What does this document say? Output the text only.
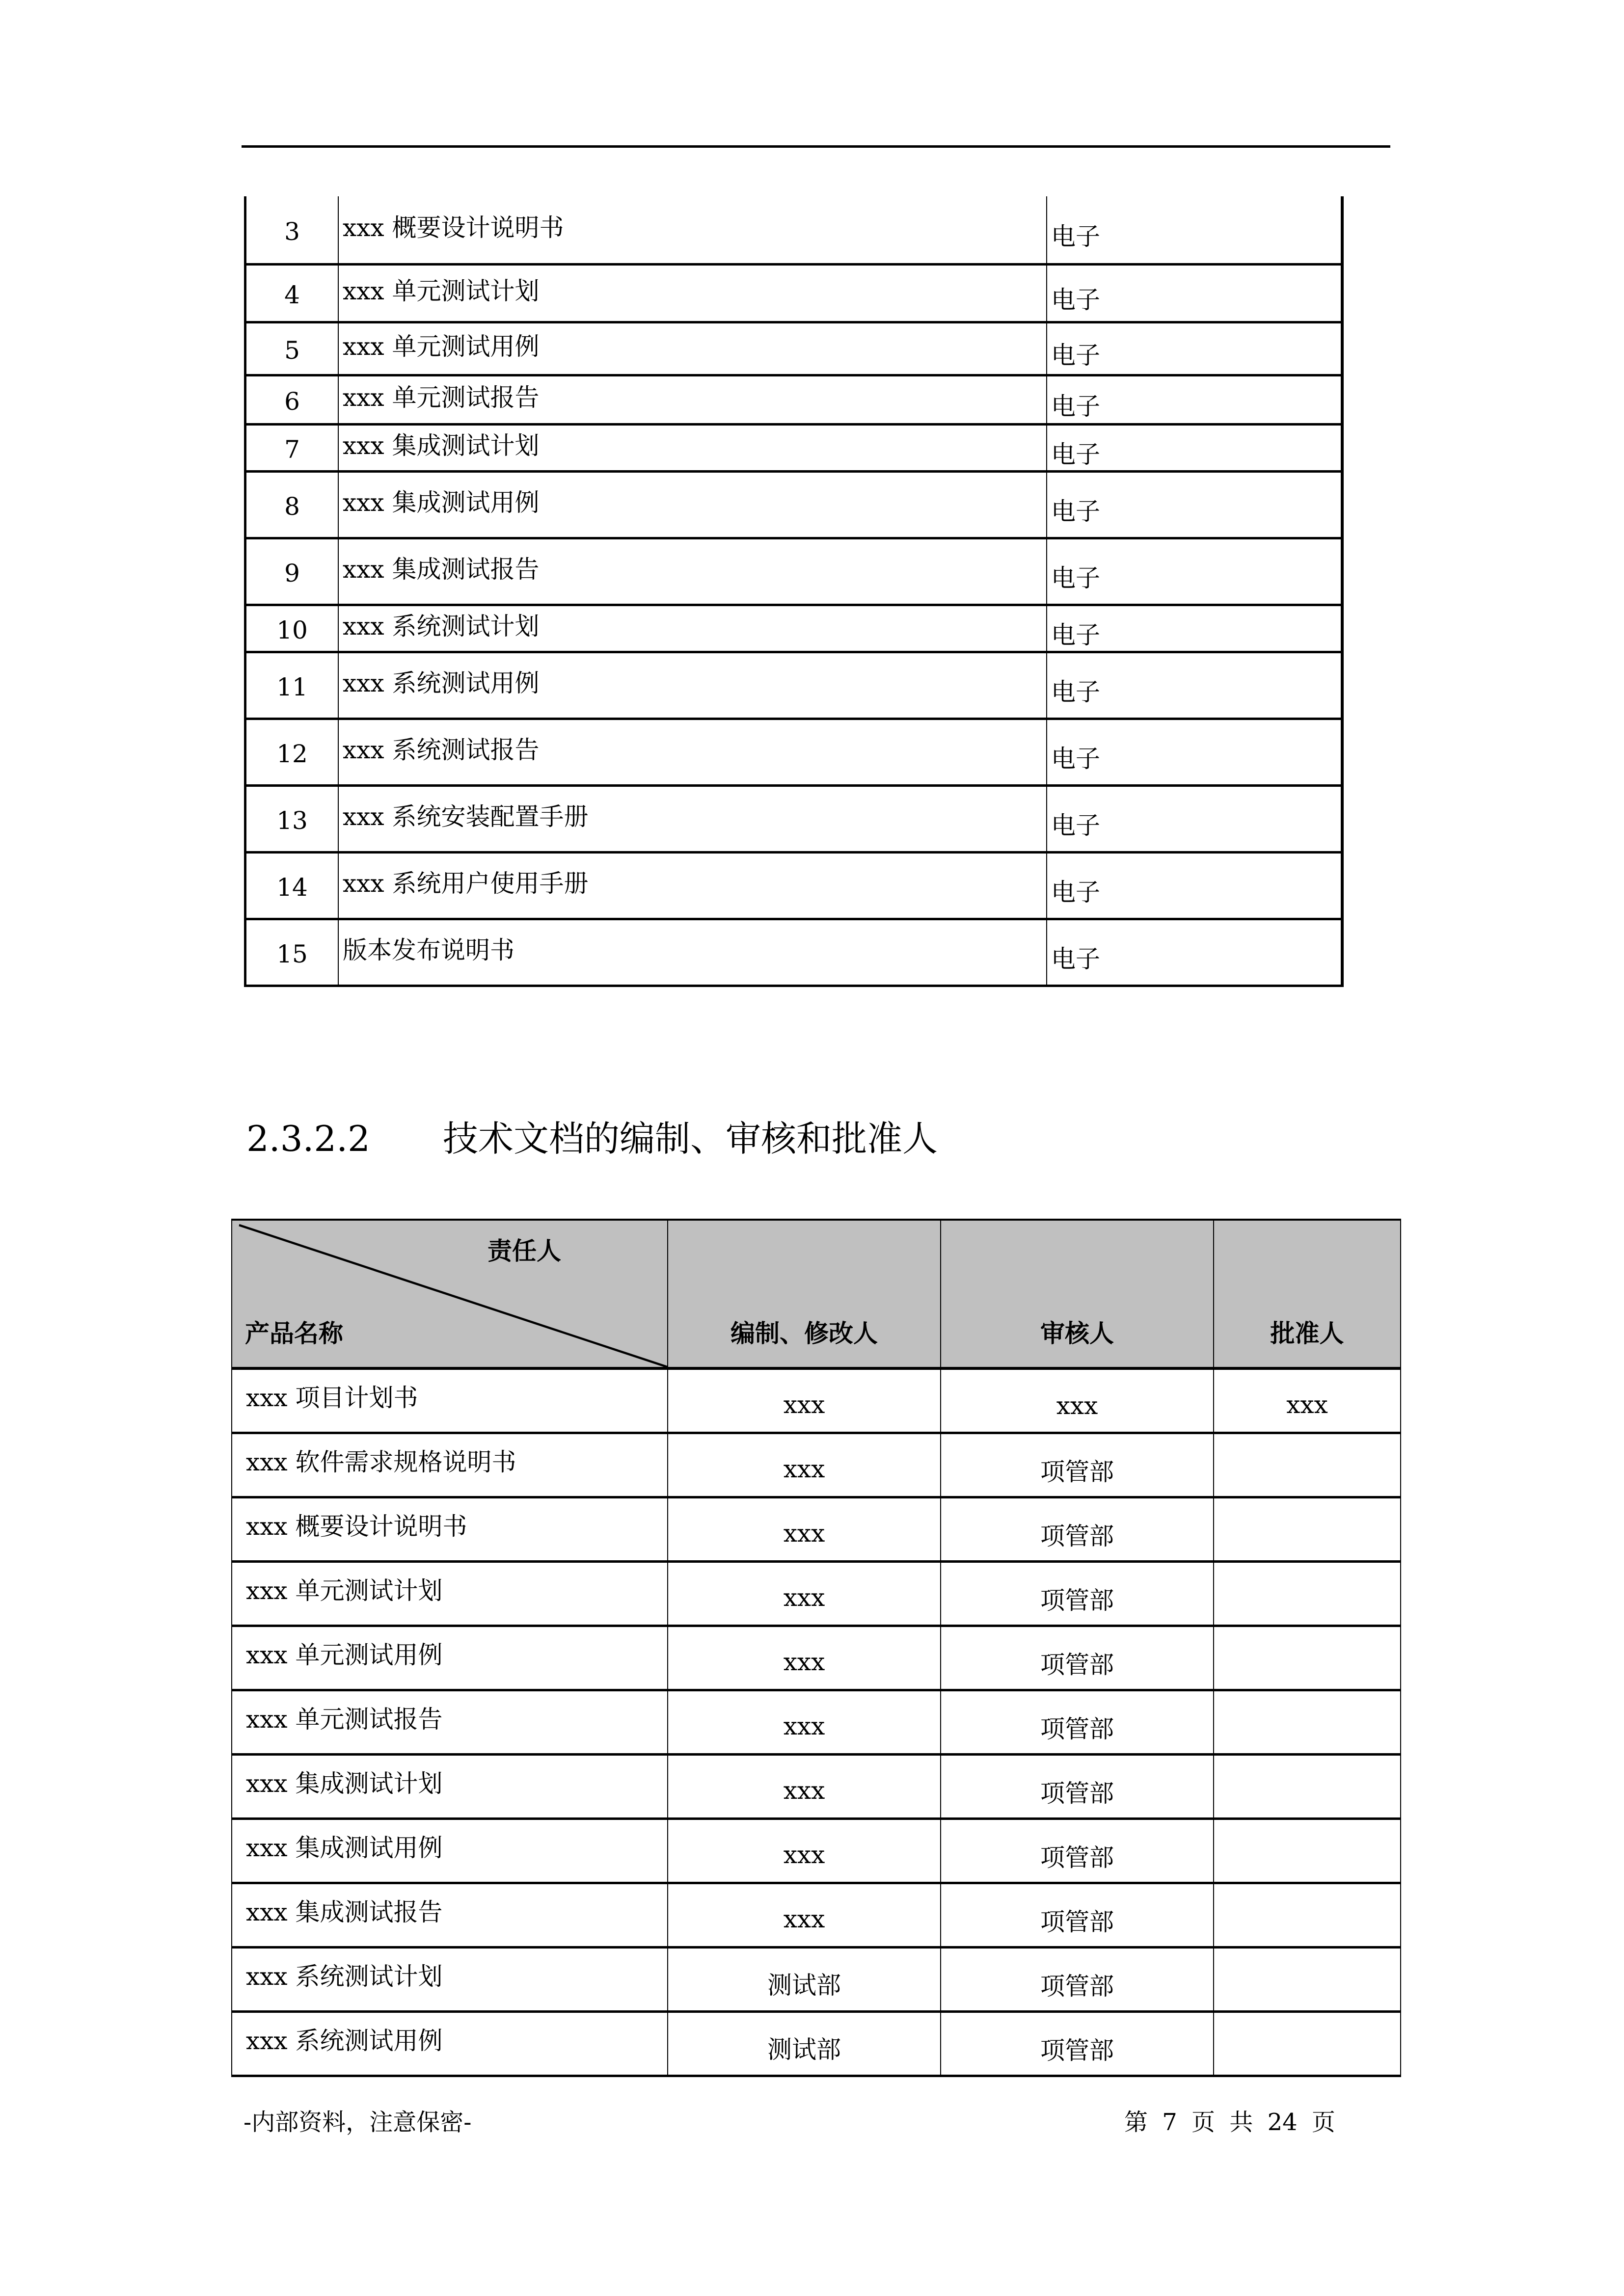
3	xxx 概要设计说明书	电子
4	xxx 单元测试计划	电子
5	xxx 单元测试用例	电子
6	xxx 单元测试报告	电子
7	xxx 集成测试计划	电子
8	xxx 集成测试用例	电子
9	xxx 集成测试报告	电子
10	xxx 系统测试计划	电子
11	xxx 系统测试用例	电子
12	xxx 系统测试报告	电子
13	xxx 系统安装配置手册	电子
14	xxx 系统用户使用手册	电子
15	版本发布说明书	电子
2.3.2.2 技术文档的编制、审核和批准人
责任人
产品名称	编制、修改人	审核人	批准人
xxx 项目计划书	xxx	xxx	xxx
xxx 软件需求规格说明书	xxx	项管部	
xxx 概要设计说明书	xxx	项管部	
xxx 单元测试计划	xxx	项管部	
xxx 单元测试用例	xxx	项管部	
xxx 单元测试报告	xxx	项管部	
xxx 集成测试计划	xxx	项管部	
xxx 集成测试用例	xxx	项管部	
xxx 集成测试报告	xxx	项管部	
xxx 系统测试计划	测试部	项管部	
xxx 系统测试用例	测试部	项管部	
-内部资料，注意保密-	第 7 页 共 24 页
